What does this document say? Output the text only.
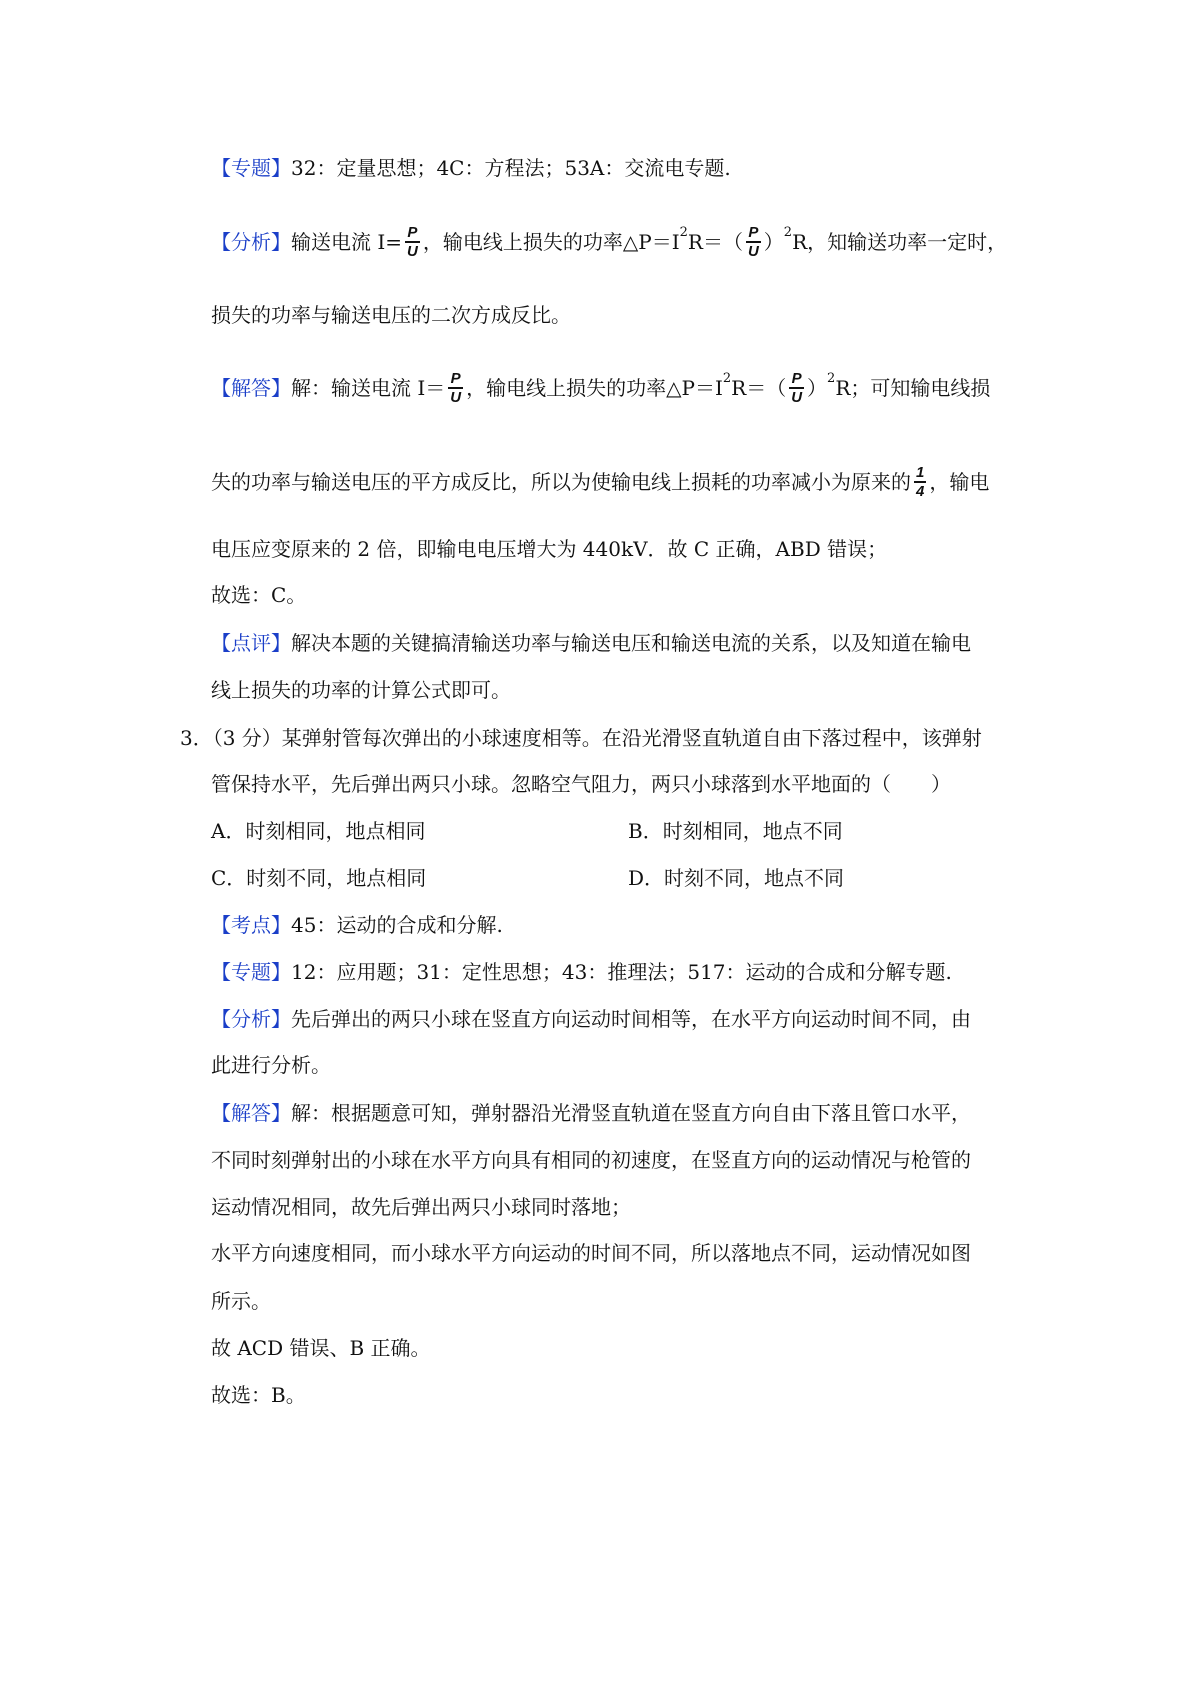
【专题】 32：定量思想；4C：方程法；53A：交流电专题.
【分析】 输送电流 $I= \frac{P}{U}$ ，输电线上损失的功率△P＝I 2 $R=( \frac{P}{U}$ ） 2 R，知输送功率一定时，
损失的功率与输送电压的二次方成反比。
【解答】 解：输送电流 $I= \frac{P}{U}$ ，输电线上损失的功率△P＝I 2 $R=( \frac{P}{U}$ ） 2 R；可知输电线损
失的功率与输送电压的平方成反比，所以为使输电线上损耗的功率减小为原来的 $\frac{1}{4}$ ，输电
电压应变原来的 2 倍，即输电电压增大为 440kV．故 C 正确，ABD 错误；
故选：C。
【点评】 解决本题的关键搞清输送功率与输送电压和输送电流的关系，以及知道在输电
线上损失的功率的计算公式即可。
3．（3 分）某弹射管每次弹出的小球速度相等。在沿光滑竖直轨道自由下落过程中，该弹射
管保持水平，先后弹出两只小球。忽略空气阻力，两只小球落到水平地面的（　　）
A．时刻相同，地点相同	B．时刻相同，地点不同
C．时刻不同，地点相同	D．时刻不同，地点不同
【考点】 45：运动的合成和分解.
【专题】 12：应用题；31：定性思想；43：推理法；517：运动的合成和分解专题.
【分析】 先后弹出的两只小球在竖直方向运动时间相等，在水平方向运动时间不同，由
此进行分析。
【解答】 解：根据题意可知，弹射器沿光滑竖直轨道在竖直方向自由下落且管口水平，
不同时刻弹射出的小球在水平方向具有相同的初速度，在竖直方向的运动情况与枪管的
运动情况相同，故先后弹出两只小球同时落地；
水平方向速度相同，而小球水平方向运动的时间不同，所以落地点不同，运动情况如图
所示。
故 ACD 错误、B 正确。
故选：B。
